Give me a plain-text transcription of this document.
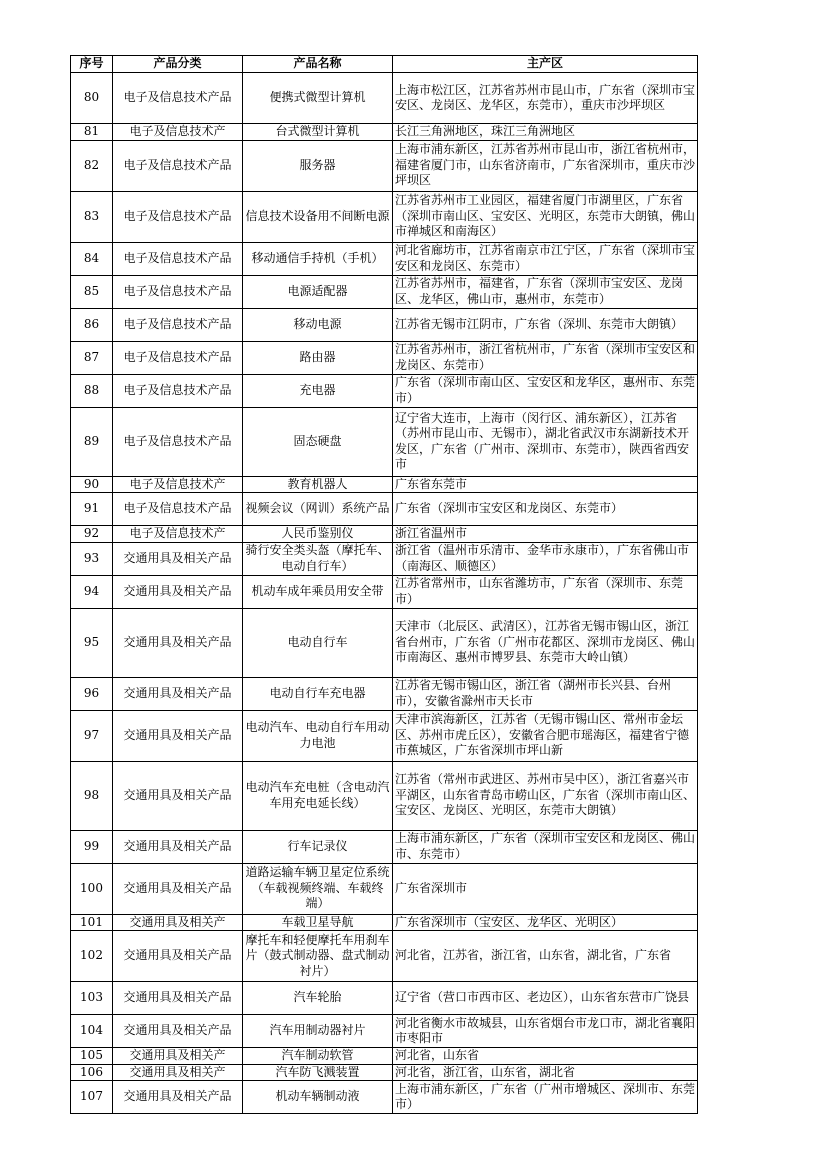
序号	产品分类	产品名称	主产区
80	电子及信息技术产品	便携式微型计算机	上海市松江区，江苏省苏州市昆山市，广东省（深圳市宝安区、龙岗区、龙华区，东莞市），重庆市沙坪坝区
81	电子及信息技术产	台式微型计算机	长江三角洲地区，珠江三角洲地区
82	电子及信息技术产品	服务器	上海市浦东新区，江苏省苏州市昆山市，浙江省杭州市，福建省厦门市，山东省济南市，广东省深圳市，重庆市沙坪坝区
83	电子及信息技术产品	信息技术设备用不间断电源	江苏省苏州市工业园区，福建省厦门市湖里区，广东省（深圳市南山区、宝安区、光明区，东莞市大朗镇，佛山市禅城区和南海区）
84	电子及信息技术产品	移动通信手持机（手机）	河北省廊坊市，江苏省南京市江宁区，广东省（深圳市宝安区和龙岗区、东莞市）
85	电子及信息技术产品	电源适配器	江苏省苏州市，福建省，广东省（深圳市宝安区、龙岗区、龙华区，佛山市，惠州市，东莞市）
86	电子及信息技术产品	移动电源	江苏省无锡市江阴市，广东省（深圳、东莞市大朗镇）
87	电子及信息技术产品	路由器	江苏省苏州市，浙江省杭州市，广东省（深圳市宝安区和龙岗区、东莞市）
88	电子及信息技术产品	充电器	广东省（深圳市南山区、宝安区和龙华区，惠州市、东莞市）
89	电子及信息技术产品	固态硬盘	辽宁省大连市，上海市（闵行区、浦东新区），江苏省（苏州市昆山市、无锡市），湖北省武汉市东湖新技术开发区，广东省（广州市、深圳市、东莞市），陕西省西安市
90	电子及信息技术产	教育机器人	广东省东莞市
91	电子及信息技术产品	视频会议（网训）系统产品	广东省（深圳市宝安区和龙岗区、东莞市）
92	电子及信息技术产	人民币鉴别仪	浙江省温州市
93	交通用具及相关产品	骑行安全类头盔（摩托车、电动自行车）	浙江省（温州市乐清市、金华市永康市），广东省佛山市（南海区、顺德区）
94	交通用具及相关产品	机动车成年乘员用安全带	江苏省常州市，山东省潍坊市，广东省（深圳市、东莞市）
95	交通用具及相关产品	电动自行车	天津市（北辰区、武清区），江苏省无锡市锡山区，浙江省台州市，广东省（广州市花都区、深圳市龙岗区、佛山市南海区、惠州市博罗县、东莞市大岭山镇）
96	交通用具及相关产品	电动自行车充电器	江苏省无锡市锡山区，浙江省（湖州市长兴县、台州市），安徽省滁州市天长市
97	交通用具及相关产品	电动汽车、电动自行车用动力电池	天津市滨海新区，江苏省（无锡市锡山区、常州市金坛区、苏州市虎丘区），安徽省合肥市瑶海区，福建省宁德市蕉城区，广东省深圳市坪山新
98	交通用具及相关产品	电动汽车充电桩（含电动汽车用充电延长线）	江苏省（常州市武进区、苏州市吴中区），浙江省嘉兴市平湖区，山东省青岛市崂山区，广东省（深圳市南山区、宝安区、龙岗区、光明区，东莞市大朗镇）
99	交通用具及相关产品	行车记录仪	上海市浦东新区，广东省（深圳市宝安区和龙岗区、佛山市、东莞市）
100	交通用具及相关产品	道路运输车辆卫星定位系统（车载视频终端、车载终端）	广东省深圳市
101	交通用具及相关产	车载卫星导航	广东省深圳市（宝安区、龙华区、光明区）
102	交通用具及相关产品	摩托车和轻便摩托车用刹车片（鼓式制动器、盘式制动衬片）	河北省，江苏省，浙江省，山东省，湖北省，广东省
103	交通用具及相关产品	汽车轮胎	辽宁省（营口市西市区、老边区），山东省东营市广饶县
104	交通用具及相关产品	汽车用制动器衬片	河北省衡水市故城县，山东省烟台市龙口市，湖北省襄阳市枣阳市
105	交通用具及相关产	汽车制动软管	河北省，山东省
106	交通用具及相关产	汽车防飞溅装置	河北省，浙江省，山东省，湖北省
107	交通用具及相关产品	机动车辆制动液	上海市浦东新区，广东省（广州市增城区、深圳市、东莞市）
